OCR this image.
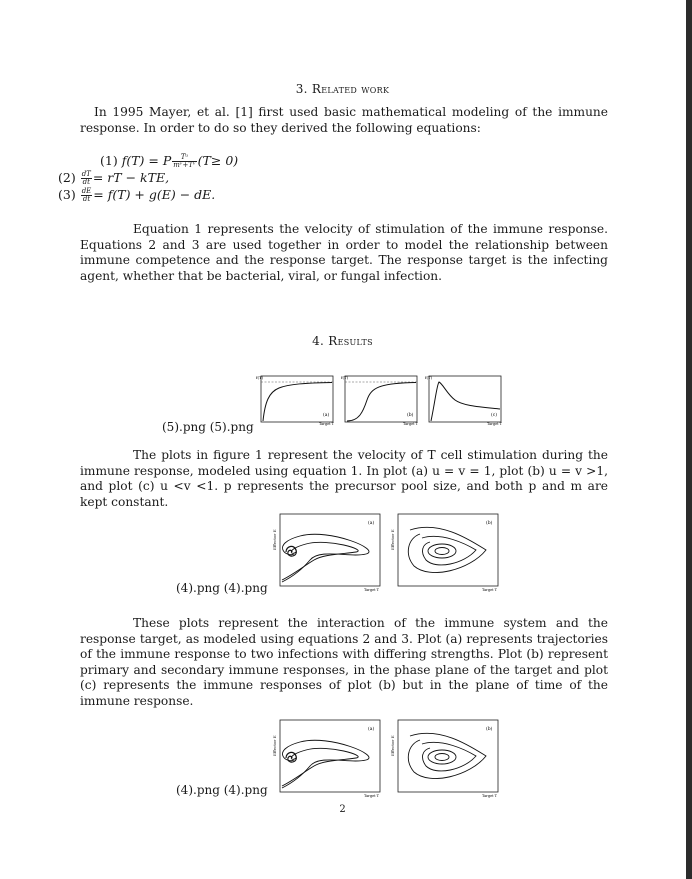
3. Related work
In 1995 Mayer, et al. [1] first used basic mathematical modeling of the immune response. In order to do so they derived the following equations:
(1) f(T) = P $\frac{\text{Tᵘ}}{\text{mᵛ+Tᵛ}} (T\ge 0)$
$(2) \frac{dT}{dt}$ = rT − kTE,
$(3) \frac{dE}{dt} = f(T) + g(E)$ − dE.
Equation 1 represents the velocity of stimulation of the immune response. Equations 2 and 3 are used together in order to model the relationship between immune competence and the response target. The response target is the infecting agent, whether that be bacterial, viral, or fungal infection.
4. Results
f(T)
(a)
Target T
f(T)
(b)
Target T
f(T)
(c)
Target T
(5).png (5).png
The plots in figure 1 represent the velocity of T cell stimulation during the immune response, modeled using equation 1. In plot (a) u = v = 1, plot (b) u = v >1, and plot (c) u <v <1. p represents the precursor pool size, and both p and m are kept constant.
Effector E
(a)
Target T
Effector E
(b)
Target T
(4).png (4).png
These plots represent the interaction of the immune system and the response target, as modeled using equations 2 and 3. Plot (a) represents trajectories of the immune response to two infections with differing strengths. Plot (b) represent primary and secondary immune responses, in the phase plane of the target and plot (c) represents the immune responses of plot (b) but in the plane of time of the immune response.
Effector E
(a)
Target T
Effector E
(b)
Target T
(4).png (4).png
2
